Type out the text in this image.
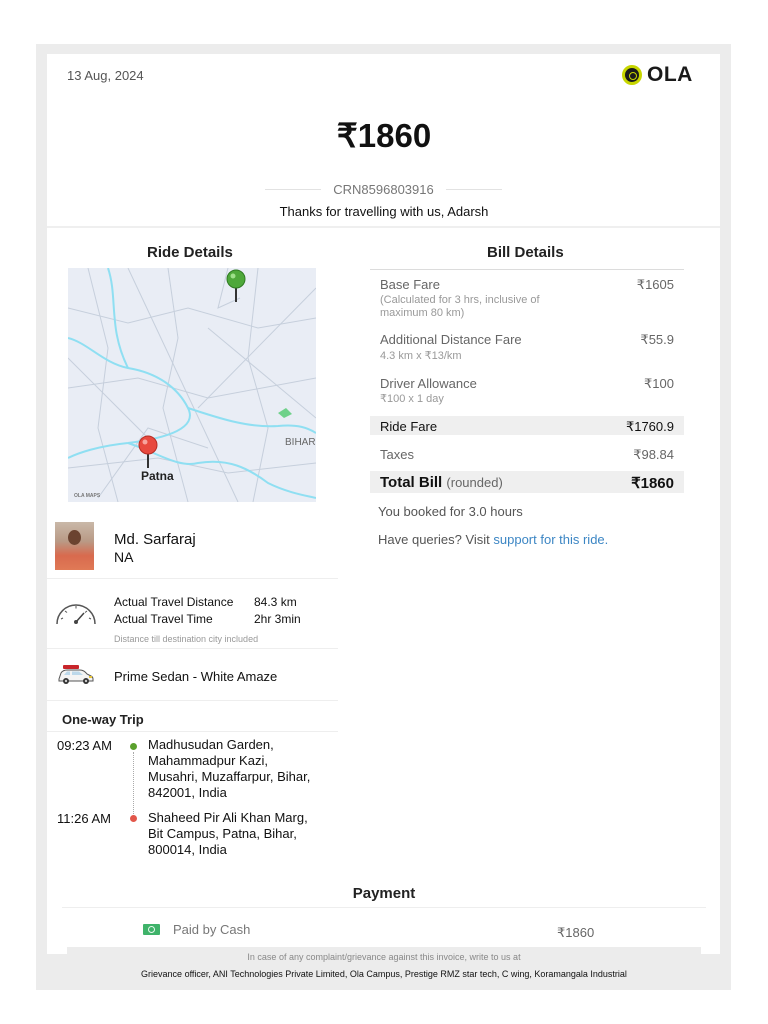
13 Aug, 2024	OLA
₹1860
CRN8596803916
Thanks for travelling with us, Adarsh
Ride Details	Bill Details
BIHAR
Patna
OLA MAPS
Md. Sarfaraj
NA
Actual Travel Distance 84.3 km
Actual Travel Time	2hr 3min
Distance till destination city included
Prime Sedan - White Amaze
One-way Trip
09:23 AM	Madhusudan Garden,
Mahammadpur Kazi,
Musahri, Muzaffarpur, Bihar,
842001, India
11:26 AM	Shaheed Pir Ali Khan Marg,
Bit Campus, Patna, Bihar,
800014, India
Base Fare	₹1605
(Calculated for 3 hrs, inclusive of
maximum 80 km)
Additional Distance Fare	₹55.9
4.3 km x ₹13/km
Driver Allowance	₹100
₹100 x 1 day
Ride Fare	₹1760.9
Taxes	₹98.84
Total Bill (rounded)	₹1860
You booked for 3.0 hours
Have queries? Visit support for this ride.
Payment
Paid by Cash	₹1860
In case of any complaint/grievance against this invoice, write to us at
Grievance officer, ANI Technologies Private Limited, Ola Campus, Prestige RMZ star tech, C wing, Koramangala Industrial
